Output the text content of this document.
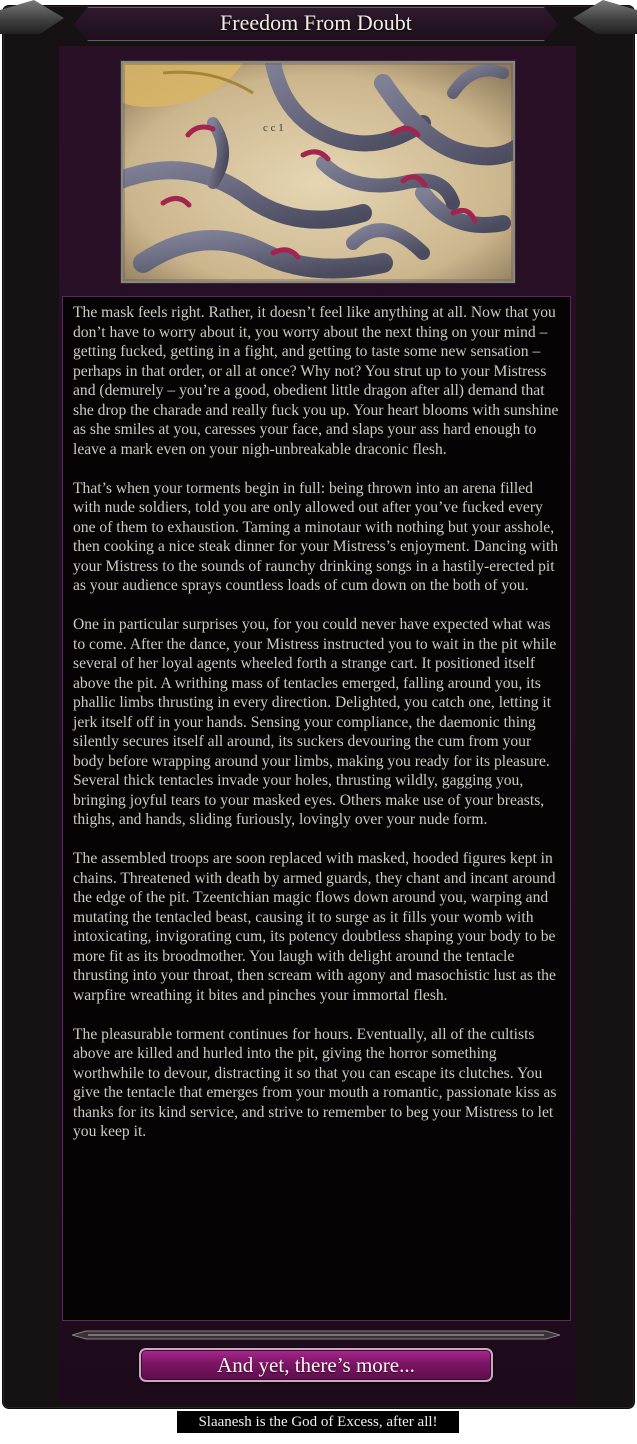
Freedom From Doubt
c c 1

The mask feels right. Rather, it doesn’t feel like anything at all. Now that you don’t have to worry about it, you worry about the next thing on your mind – getting fucked, getting in a fight, and getting to taste some new sensation – perhaps in that order, or all at once? Why not? You strut up to your Mistress and (demurely – you’re a good, obedient little dragon after all) demand that she drop the charade and really fuck you up. Your heart blooms with sunshine as she smiles at you, caresses your face, and slaps your ass hard enough to leave a mark even on your nigh-unbreakable draconic flesh.

That’s when your torments begin in full: being thrown into an arena filled with nude soldiers, told you are only allowed out after you’ve fucked every one of them to exhaustion. Taming a minotaur with nothing but your asshole, then cooking a nice steak dinner for your Mistress’s enjoyment. Dancing with your Mistress to the sounds of raunchy drinking songs in a hastily-erected pit as your audience sprays countless loads of cum down on the both of you.

One in particular surprises you, for you could never have expected what was to come. After the dance, your Mistress instructed you to wait in the pit while several of her loyal agents wheeled forth a strange cart. It positioned itself above the pit. A writhing mass of tentacles emerged, falling around you, its phallic limbs thrusting in every direction. Delighted, you catch one, letting it jerk itself off in your hands. Sensing your compliance, the daemonic thing silently secures itself all around, its suckers devouring the cum from your body before wrapping around your limbs, making you ready for its pleasure. Several thick tentacles invade your holes, thrusting wildly, gagging you, bringing joyful tears to your masked eyes. Others make use of your breasts, thighs, and hands, sliding furiously, lovingly over your nude form.

The assembled troops are soon replaced with masked, hooded figures kept in chains. Threatened with death by armed guards, they chant and incant around the edge of the pit. Tzeentchian magic flows down around you, warping and mutating the tentacled beast, causing it to surge as it fills your womb with intoxicating, invigorating cum, its potency doubtless shaping your body to be more fit as its broodmother. You laugh with delight around the tentacle thrusting into your throat, then scream with agony and masochistic lust as the warpfire wreathing it bites and pinches your immortal flesh.

The pleasurable torment continues for hours. Eventually, all of the cultists above are killed and hurled into the pit, giving the horror something worthwhile to devour, distracting it so that you can escape its clutches. You give the tentacle that emerges from your mouth a romantic, passionate kiss as thanks for its kind service, and strive to remember to beg your Mistress to let you keep it.

And yet, there’s more...
Slaanesh is the God of Excess, after all!
